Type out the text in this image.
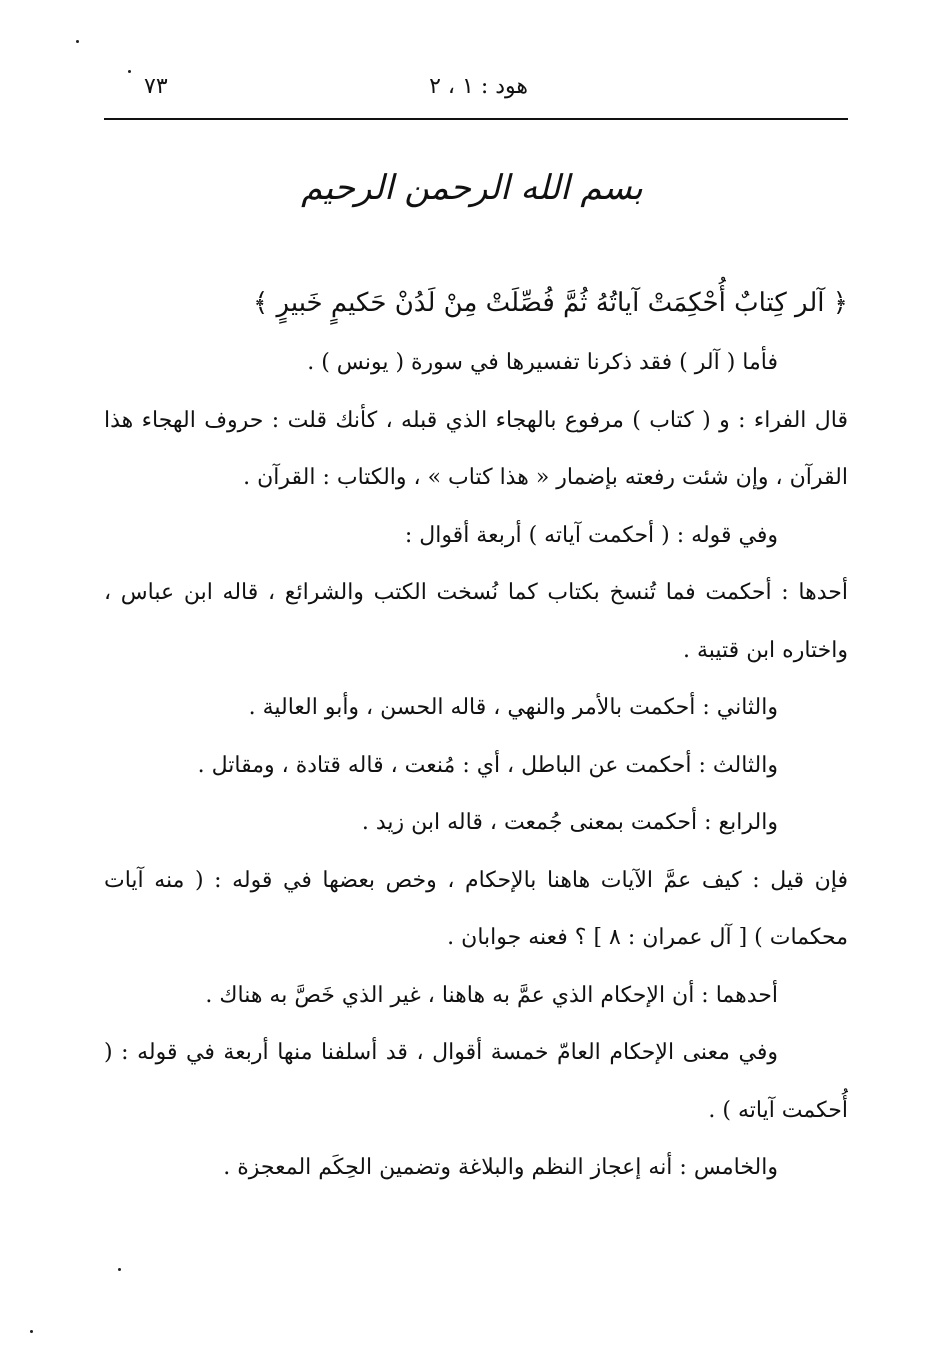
هود : ١ ، ٢
٧٣
بسم الله الرحمن الرحيم

﴿ آلر كِتابٌ أُحْكِمَتْ آياتُهُ ثُمَّ فُصِّلَتْ مِنْ لَدُنْ حَكيمٍ خَبيرٍ ﴾

فأما ( آلر ) فقد ذكرنا تفسيرها في سورة ( يونس ) .

قال الفراء : و ( كتاب ) مرفوع بالهجاء الذي قبله ، كأنك قلت : حروف الهجاء هذا القرآن ، وإن شئت رفعته بإضمار « هذا كتاب » ، والكتاب : القرآن .

وفي قوله : ( أحكمت آياته ) أربعة أقوال :

أحدها : أحكمت فما تُنسخ بكتاب كما نُسخت الكتب والشرائع ، قاله ابن عباس ، واختاره ابن قتيبة .

والثاني : أحكمت بالأمر والنهي ، قاله الحسن ، وأبو العالية .

والثالث : أحكمت عن الباطل ، أي : مُنعت ، قاله قتادة ، ومقاتل .

والرابع : أحكمت بمعنى جُمعت ، قاله ابن زيد .

فإن قيل : كيف عمَّ الآيات هاهنا بالإحكام ، وخص بعضها في قوله : ( منه آيات محكمات ) [ آل عمران : ٨ ] ؟ فعنه جوابان .

أحدهما : أن الإحكام الذي عمَّ به هاهنا ، غير الذي خَصَّ به هناك .

وفي معنى الإحكام العامّ خمسة أقوال ، قد أسلفنا منها أربعة في قوله : ( أُحكمت آياته ) .

والخامس : أنه إعجاز النظم والبلاغة وتضمين الحِكَم المعجزة .
